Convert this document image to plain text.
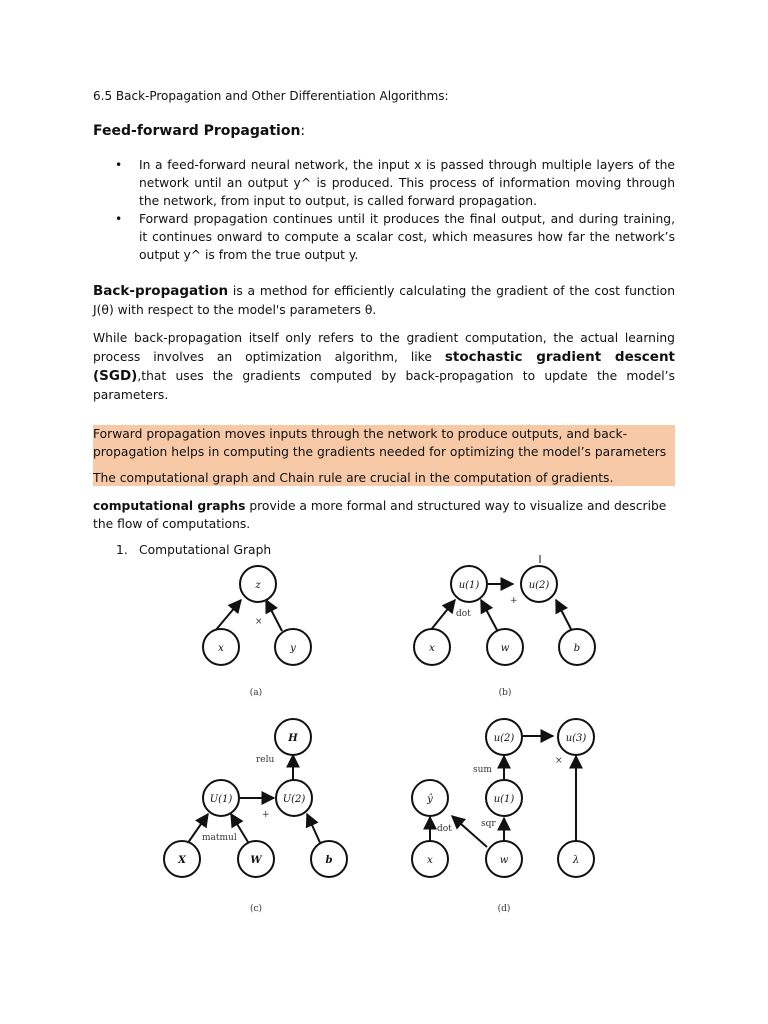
6.5 Back-Propagation and Other Differentiation Algorithms:
Feed-forward Propagation:
• In a feed-forward neural network, the input x is passed through multiple layers of the network until an output y^ is produced. This process of information moving through the network, from input to output, is called forward propagation.
• Forward propagation continues until it produces the final output, and during training, it continues onward to compute a scalar cost, which measures how far the network’s output y^ is from the true output y.
Back-propagation is a method for efficiently calculating the gradient of the cost function J(θ) with respect to the model's parameters θ.
While back-propagation itself only refers to the gradient computation, the actual learning process involves an optimization algorithm, like stochastic gradient descent (SGD),that uses the gradients computed by back-propagation to update the model’s parameters.
Forward propagation moves inputs through the network to produce outputs, and back-propagation helps in computing the gradients needed for optimizing the model’s parameters
The computational graph and Chain rule are crucial in the computation of gradients.
computational graphs provide a more formal and structured way to visualize and describe the flow of computations.
1. Computational Graph
z
x	y
u(1)	u(2)
x	w	b
H
U(1)	U(2)
X	W	b
ŷ
u(2)	u(3)
u(1)
x	w	λ
×
dot
+
relu
matmul
+
sum
×
sqr
dot
(a)	(b)
(c)	(d)
